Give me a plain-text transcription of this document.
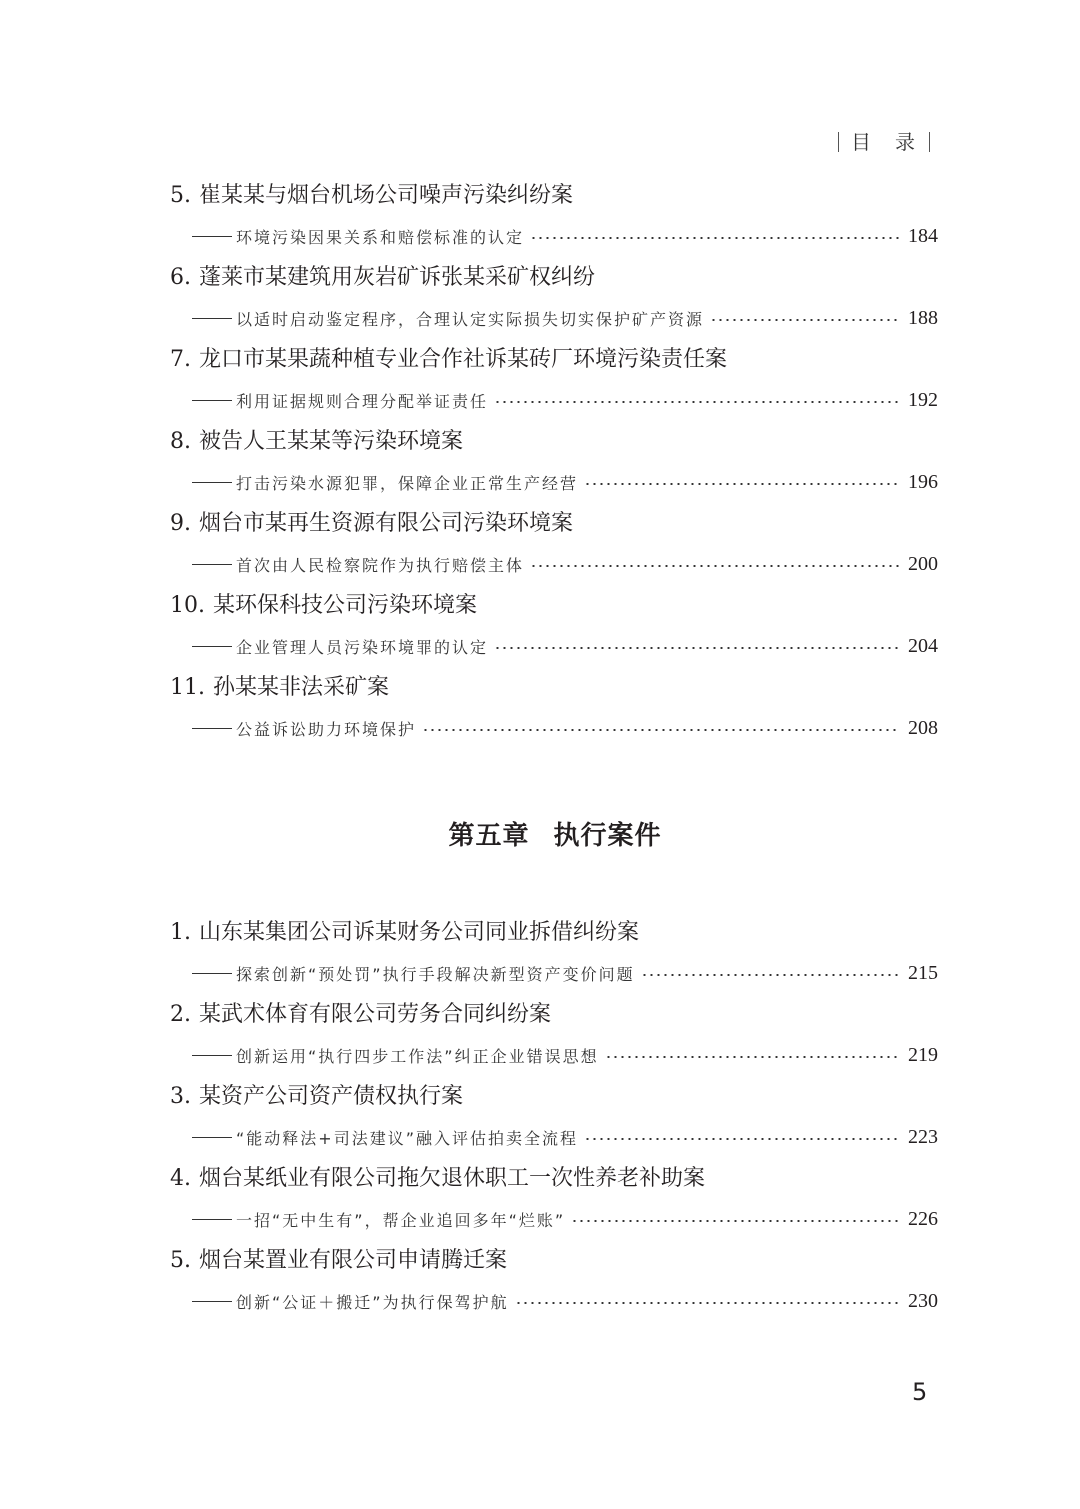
目 录
5. 崔某某与烟台机场公司噪声污染纠纷案
环境污染因果关系和赔偿标准的认定	184
6. 蓬莱市某建筑用灰岩矿诉张某采矿权纠纷
以适时启动鉴定程序，合理认定实际损失切实保护矿产资源	188
7. 龙口市某果蔬种植专业合作社诉某砖厂环境污染责任案
利用证据规则合理分配举证责任	192
8. 被告人王某某等污染环境案
打击污染水源犯罪，保障企业正常生产经营	196
9. 烟台市某再生资源有限公司污染环境案
首次由人民检察院作为执行赔偿主体	200
10. 某环保科技公司污染环境案
企业管理人员污染环境罪的认定	204
11. 孙某某非法采矿案
公益诉讼助力环境保护	208
第五章 执行案件
1. 山东某集团公司诉某财务公司同业拆借纠纷案
探索创新“预处罚”执行手段解决新型资产变价问题	215
2. 某武术体育有限公司劳务合同纠纷案
创新运用“执行四步工作法”纠正企业错误思想	219
3. 某资产公司资产债权执行案
“能动释法+司法建议”融入评估拍卖全流程	223
4. 烟台某纸业有限公司拖欠退休职工一次性养老补助案
一招“无中生有”，帮企业追回多年“烂账”	226
5. 烟台某置业有限公司申请腾迁案
创新“公证＋搬迁”为执行保驾护航	230
5
